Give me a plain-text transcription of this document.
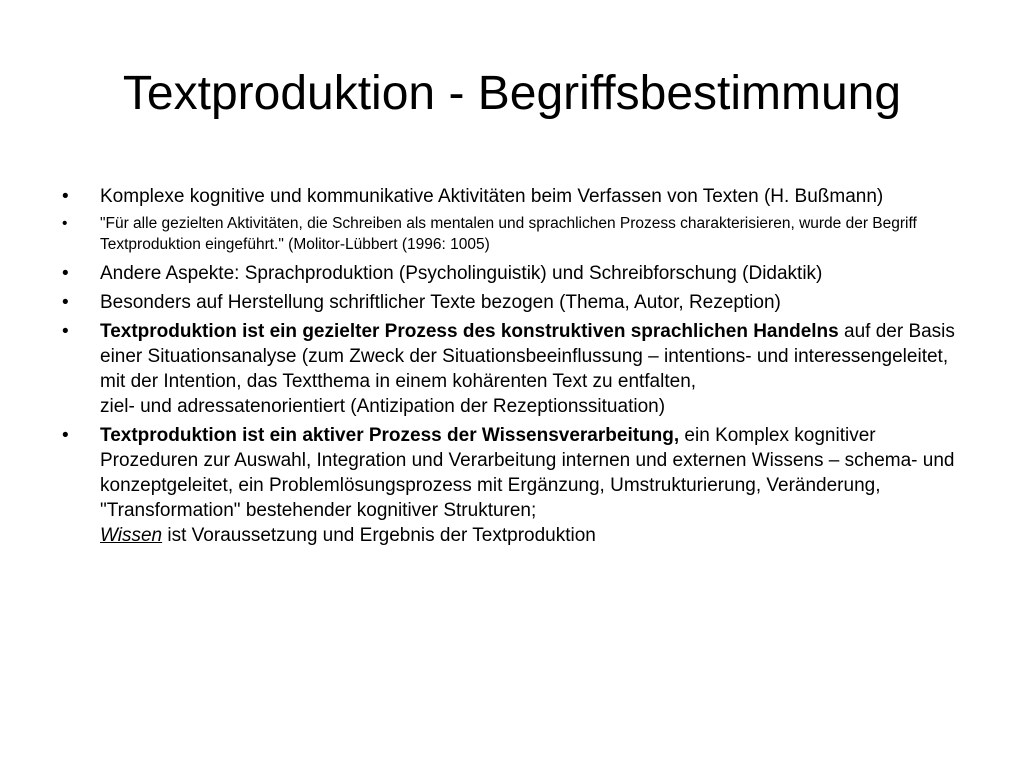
Textproduktion - Begriffsbestimmung
•	Komplexe kognitive und kommunikative Aktivitäten beim Verfassen von Texten (H. Bußmann)
•	"Für alle gezielten Aktivitäten, die Schreiben als mentalen und sprachlichen Prozess charakterisieren, wurde der Begriff Textproduktion eingeführt." (Molitor-Lübbert (1996: 1005)
•	Andere Aspekte: Sprachproduktion (Psycholinguistik) und Schreibforschung (Didaktik)
•	Besonders auf Herstellung schriftlicher Texte bezogen (Thema, Autor, Rezeption)
•	Textproduktion ist ein gezielter Prozess des konstruktiven sprachlichen Handelns auf der Basis einer Situationsanalyse (zum Zweck der Situationsbeeinflussung – intentions- und interessengeleitet, mit der Intention, das Textthema in einem kohärenten Text zu entfalten,
ziel- und adressatenorientiert (Antizipation der Rezeptionssituation)
•	Textproduktion ist ein aktiver Prozess der Wissensverarbeitung, ein Komplex kognitiver Prozeduren zur Auswahl, Integration und Verarbeitung internen und externen Wissens – schema- und konzeptgeleitet, ein Problemlösungsprozess mit Ergänzung, Umstrukturierung, Veränderung, "Transformation" bestehender kognitiver Strukturen;
Wissen ist Voraussetzung und Ergebnis der Textproduktion
